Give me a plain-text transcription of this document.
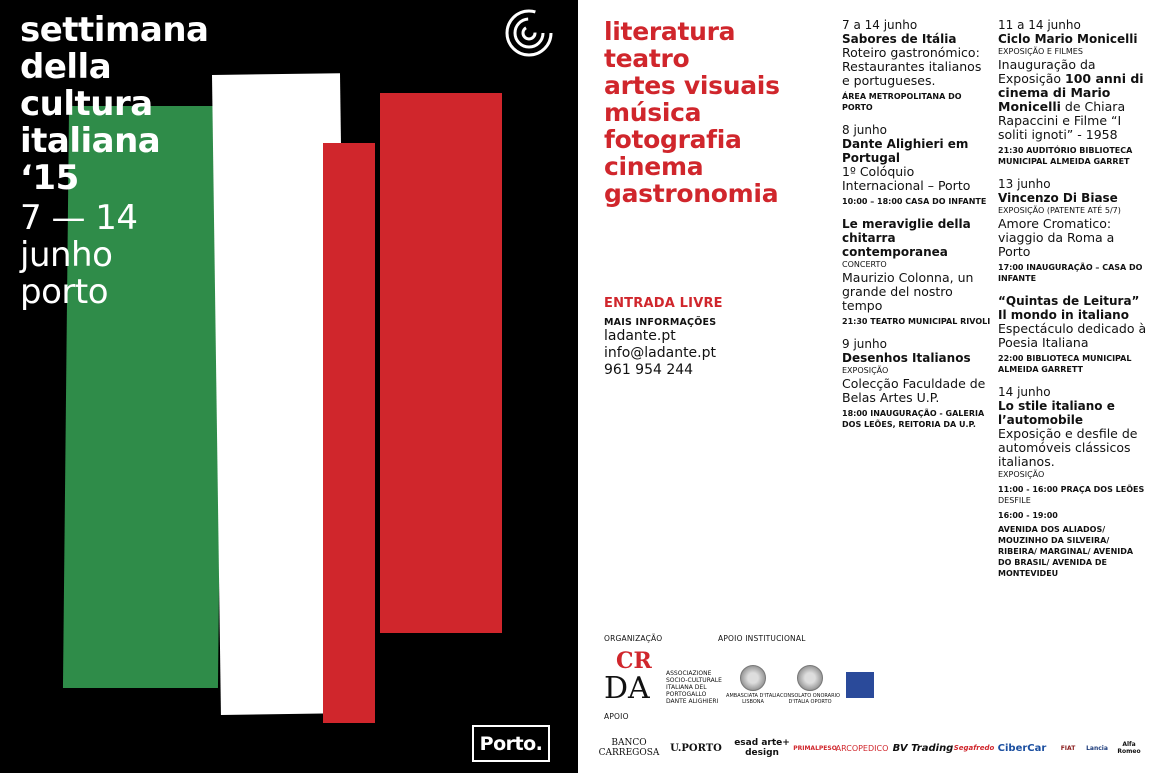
settimana
della
cultura
italiana
‘15
7 — 14
junho
porto
Porto.
literatura
teatro
artes visuais
música
fotografia
cinema
gastronomia
ENTRADA LIVRE
MAIS INFORMAÇÕES
ladante.pt
info@ladante.pt
961 954 244
7 a 14 junho
Sabores de Itália
Roteiro gastronómico: Restaurantes italianos e portugueses.
ÁREA METROPOLITANA DO PORTO
8 junho
Dante Alighieri em Portugal
1º Colóquio Internacional – Porto
10:00 – 18:00 CASA DO INFANTE
Le meraviglie della chitarra contemporanea
CONCERTO
Maurizio Colonna, un grande del nostro tempo
21:30 TEATRO MUNICIPAL RIVOLI
9 junho
Desenhos Italianos
EXPOSIÇÃO
Colecção Faculdade de Belas Artes U.P.
18:00 INAUGURAÇÃO - GALERIA DOS LEÕES, REITORIA DA U.P.
11 a 14 junho
Ciclo Mario Monicelli
EXPOSIÇÃO E FILMES
Inauguração da Exposição 100 anni di cinema di Mario Monicelli de Chiara Rapaccini e Filme “I soliti ignoti” - 1958
21:30 AUDITÓRIO BIBLIOTECA MUNICIPAL ALMEIDA GARRET
13 junho
Vincenzo Di Biase
EXPOSIÇÃO (PATENTE ATÉ 5/7)
Amore Cromatico: viaggio da Roma a Porto
17:00 INAUGURAÇÃO – CASA DO INFANTE
“Quintas de Leitura” Il mondo in italiano
Espectáculo dedicado à Poesia Italiana
22:00 BIBLIOTECA MUNICIPAL ALMEIDA GARRETT
14 junho
Lo stile italiano e l’automobile
Exposição e desfile de automóveis clássicos italianos.
EXPOSIÇÃO
11:00 - 16:00 PRAÇA DOS LEÕES
DESFILE
16:00 - 19:00
AVENIDA DOS ALIADOS/ MOUZINHO DA SILVEIRA/ RIBEIRA/ MARGINAL/ AVENIDA DO BRASIL/ AVENIDA DE MONTEVIDEU
ORGANIZAÇÃO	APOIO INSTITUCIONAL
CR
DA	ASSOCIAZIONE SOCIO-CULTURALE ITALIANA DEL PORTOGALLO DANTE ALIGHIERI
AMBASCIATA D'ITALIA LISBONA
CONSOLATO ONORARIO D'ITALIA OPORTO
APOIO
BANCO CARREGOSA	U.PORTO	esad arte+ design	PRIMALPESO
ARCOPEDICO BV Trading Segafredo CiberCar	FIAT	Lancia	Alfa Romeo
